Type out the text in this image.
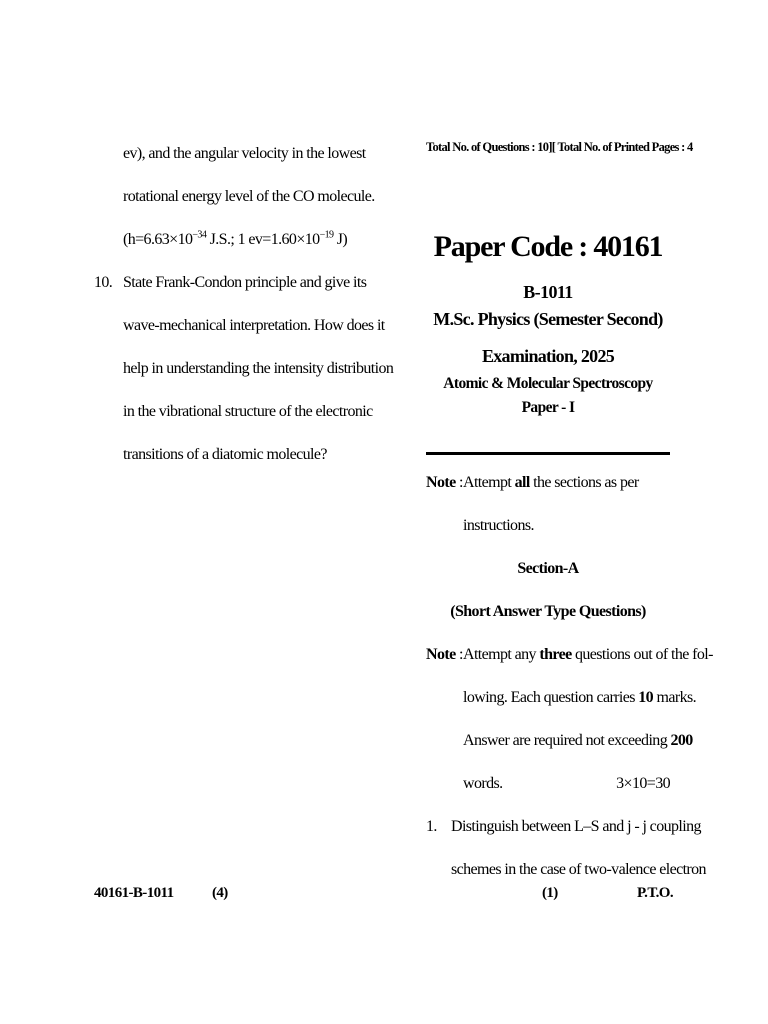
ev), and the angular velocity in the lowest
rotational energy level of the CO molecule.
($h=6.63\times 10^{-34}$ J.S.; 1 $ev=1.60\times 10^{-19}$ J)
10. State Frank-Condon principle and give its
wave-mechanical interpretation. How does it
help in understanding the intensity distribution
in the vibrational structure of the electronic
transitions of a diatomic molecule?
40161-B-1011	(4)
Total No. of Questions : 10] [ Total No. of Printed Pages : 4
Paper Code : 40161
B-1011
M.Sc. Physics (Semester Second)
Examination, 2025
Atomic & Molecular Spectroscopy
Paper - I
Note : Attempt all the sections as per instructions.
Section-A
(Short Answer Type Questions)
Note : Attempt any three questions out of the fol-
lowing. Each question carries 10 marks.
Answer are required not exceeding 200
words.	3×10=30
1. Distinguish between L–S and j - j coupling
schemes in the case of two-valence electron
(1)	P.T.O.
